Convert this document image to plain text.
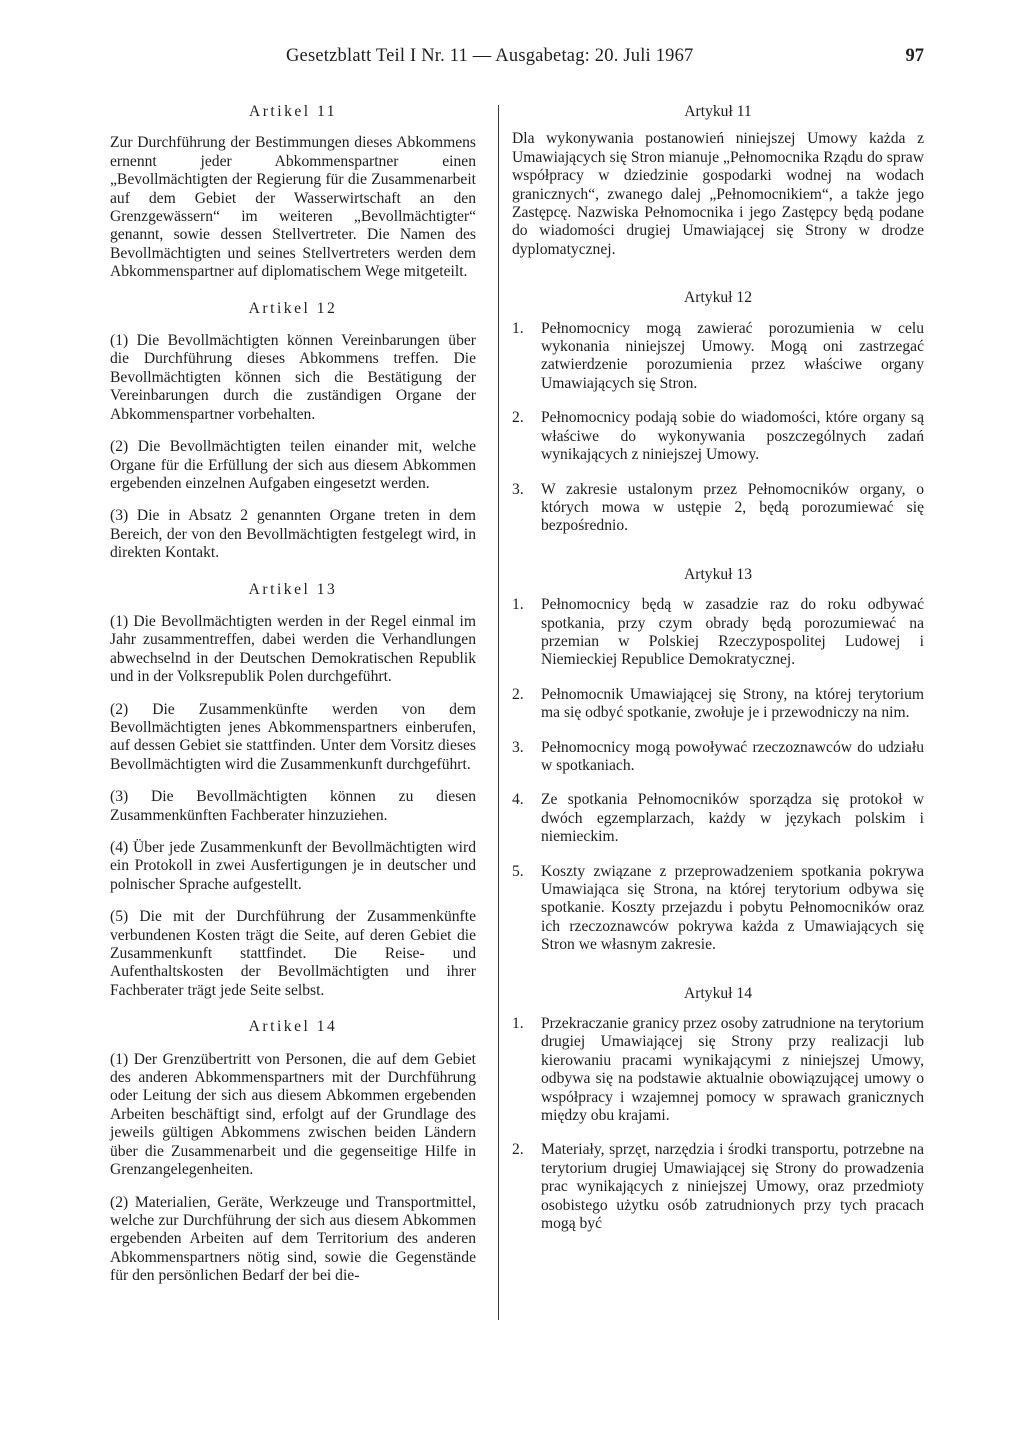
Gesetzblatt Teil I Nr. 11 — Ausgabetag: 20. Juli 1967	97
Artikel 11

Zur Durchführung der Bestimmungen dieses Abkommens ernennt jeder Abkommenspartner einen „Bevollmächtigten der Regierung für die Zusammenarbeit auf dem Gebiet der Wasserwirtschaft an den Grenzgewässern“ im weiteren „Bevollmächtigter“ genannt, sowie dessen Stellvertreter. Die Namen des Bevollmächtigten und seines Stellvertreters werden dem Abkommenspartner auf diplomatischem Wege mitgeteilt.

Artikel 12

(1) Die Bevollmächtigten können Vereinbarungen über die Durchführung dieses Abkommens treffen. Die Bevollmächtigten können sich die Bestätigung der Vereinbarungen durch die zuständigen Organe der Abkommenspartner vorbehalten.

(2) Die Bevollmächtigten teilen einander mit, welche Organe für die Erfüllung der sich aus diesem Abkommen ergebenden einzelnen Aufgaben eingesetzt werden.

(3) Die in Absatz 2 genannten Organe treten in dem Bereich, der von den Bevollmächtigten festgelegt wird, in direkten Kontakt.

Artikel 13

(1) Die Bevollmächtigten werden in der Regel einmal im Jahr zusammentreffen, dabei werden die Verhandlungen abwechselnd in der Deutschen Demokratischen Republik und in der Volksrepublik Polen durchgeführt.

(2) Die Zusammenkünfte werden von dem Bevollmächtigten jenes Abkommenspartners einberufen, auf dessen Gebiet sie stattfinden. Unter dem Vorsitz dieses Bevollmächtigten wird die Zusammenkunft durchgeführt.

(3) Die Bevollmächtigten können zu diesen Zusammenkünften Fachberater hinzuziehen.

(4) Über jede Zusammenkunft der Bevollmächtigten wird ein Protokoll in zwei Ausfertigungen je in deutscher und polnischer Sprache aufgestellt.

(5) Die mit der Durchführung der Zusammenkünfte verbundenen Kosten trägt die Seite, auf deren Gebiet die Zusammenkunft stattfindet. Die Reise- und Aufenthaltskosten der Bevollmächtigten und ihrer Fachberater trägt jede Seite selbst.

Artikel 14

(1) Der Grenzübertritt von Personen, die auf dem Gebiet des anderen Abkommenspartners mit der Durchführung oder Leitung der sich aus diesem Abkommen ergebenden Arbeiten beschäftigt sind, erfolgt auf der Grundlage des jeweils gültigen Abkommens zwischen beiden Ländern über die Zusammenarbeit und die gegenseitige Hilfe in Grenzangelegenheiten.

(2) Materialien, Geräte, Werkzeuge und Transportmittel, welche zur Durchführung der sich aus diesem Abkommen ergebenden Arbeiten auf dem Territorium des anderen Abkommenspartners nötig sind, sowie die Gegenstände für den persönlichen Bedarf der bei die-

Artykuł 11

Dla wykonywania postanowień niniejszej Umowy każda z Umawiających się Stron mianuje „Pełnomocnika Rządu do spraw współpracy w dziedzinie gospodarki wodnej na wodach granicznych“, zwanego dalej „Pełnomocnikiem“, a także jego Zastępcę. Nazwiska Pełnomocnika i jego Zastępcy będą podane do wiadomości drugiej Umawiającej się Strony w drodze dyplomatycznej.

Artykuł 12
1.	Pełnomocnicy mogą zawierać porozumienia w celu wykonania niniejszej Umowy. Mogą oni zastrzegać zatwierdzenie porozumienia przez właściwe organy Umawiających się Stron.
2.	Pełnomocnicy podają sobie do wiadomości, które organy są właściwe do wykonywania poszczególnych zadań wynikających z niniejszej Umowy.
3.	W zakresie ustalonym przez Pełnomocników organy, o których mowa w ustępie 2, będą porozumiewać się bezpośrednio.
Artykuł 13
1.	Pełnomocnicy będą w zasadzie raz do roku odbywać spotkania, przy czym obrady będą porozumiewać na przemian w Polskiej Rzeczypospolitej Ludowej i Niemieckiej Republice Demokratycznej.
2.	Pełnomocnik Umawiającej się Strony, na której terytorium ma się odbyć spotkanie, zwołuje je i przewodniczy na nim.
3.	Pełnomocnicy mogą powoływać rzeczoznawców do udziału w spotkaniach.
4.	Ze spotkania Pełnomocników sporządza się protokoł w dwóch egzemplarzach, każdy w językach polskim i niemieckim.
5.	Koszty związane z przeprowadzeniem spotkania pokrywa Umawiająca się Strona, na której terytorium odbywa się spotkanie. Koszty przejazdu i pobytu Pełnomocników oraz ich rzeczoznawców pokrywa każda z Umawiających się Stron we własnym zakresie.
Artykuł 14
1.	Przekraczanie granicy przez osoby zatrudnione na terytorium drugiej Umawiającej się Strony przy realizacji lub kierowaniu pracami wynikającymi z niniejszej Umowy, odbywa się na podstawie aktualnie obowiązującej umowy o współpracy i wzajemnej pomocy w sprawach granicznych między obu krajami.
2.	Materiały, sprzęt, narzędzia i środki transportu, potrzebne na terytorium drugiej Umawiającej się Strony do prowadzenia prac wynikających z niniejszej Umowy, oraz przedmioty osobistego użytku osób zatrudnionych przy tych pracach mogą być
